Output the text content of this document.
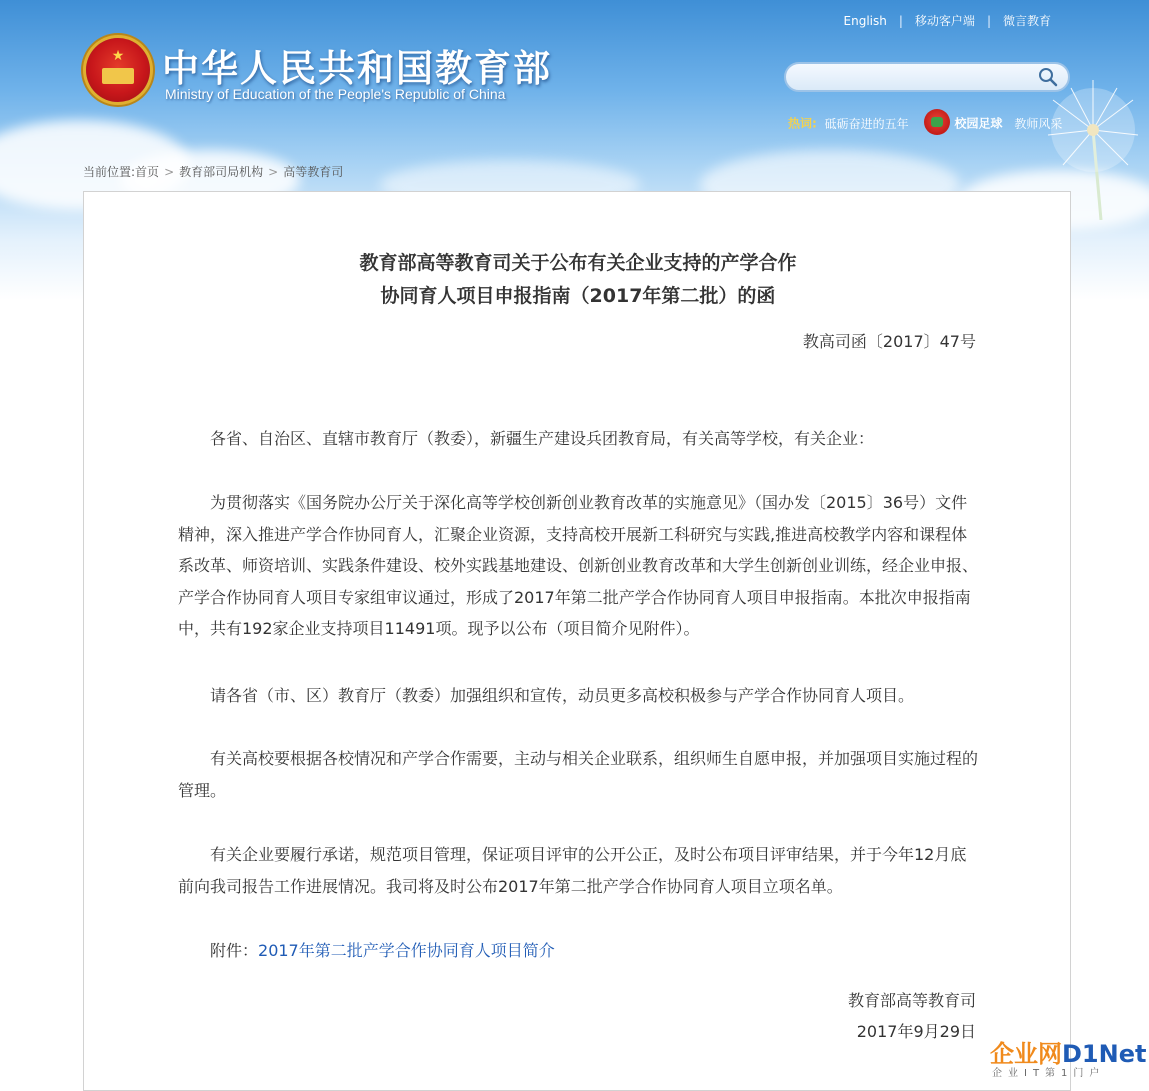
★	中华人民共和国教育部
Ministry of Education of the People's Republic of China
English | 移动客户端 | 微言教育
热词: 砥砺奋进的五年	校园足球 教师风采
当前位置:首页 > 教育部司局机构 > 高等教育司
教育部高等教育司关于公布有关企业支持的产学合作
协同育人项目申报指南（2017年第二批）的函
教高司函〔2017〕47号

各省、自治区、直辖市教育厅（教委），新疆生产建设兵团教育局，有关高等学校，有关企业：

为贯彻落实《国务院办公厅关于深化高等学校创新创业教育改革的实施意见》（国办发〔2015〕36号）文件精神，深入推进产学合作协同育人，汇聚企业资源，支持高校开展新工科研究与实践,推进高校教学内容和课程体系改革、师资培训、实践条件建设、校外实践基地建设、创新创业教育改革和大学生创新创业训练，经企业申报、产学合作协同育人项目专家组审议通过，形成了2017年第二批产学合作协同育人项目申报指南。本批次申报指南中，共有192家企业支持项目11491项。现予以公布（项目简介见附件）。

请各省（市、区）教育厅（教委）加强组织和宣传，动员更多高校积极参与产学合作协同育人项目。

有关高校要根据各校情况和产学合作需要，主动与相关企业联系，组织师生自愿申报，并加强项目实施过程的管理。

有关企业要履行承诺，规范项目管理，保证项目评审的公开公正，及时公布项目评审结果，并于今年12月底前向我司报告工作进展情况。我司将及时公布2017年第二批产学合作协同育人项目立项名单。

附件：2017年第二批产学合作协同育人项目简介

教育部高等教育司
2017年9月29日
企业网D1Net
企业IT第1门户
